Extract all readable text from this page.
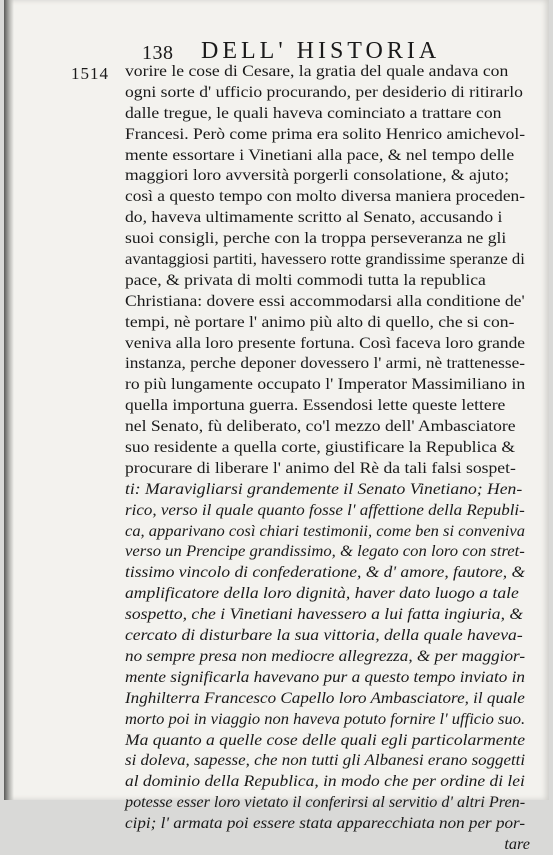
138 DELL' HISTORIA
1514 vorire le cose di Cesare, la gratia del quale andava con
ogni sorte d' ufficio procurando, per desiderio di ritirarlo
dalle tregue, le quali haveva cominciato a trattare con
Francesi. Però come prima era solito Henrico amichevol-
mente essortare i Vinetiani alla pace, & nel tempo delle
maggiori loro avversità porgerli consolatione, & ajuto;
così a questo tempo con molto diversa maniera proceden-
do, haveva ultimamente scritto al Senato, accusando i
suoi consigli, perche con la troppa perseveranza ne gli
avantaggiosi partiti, havessero rotte grandissime speranze di
pace, & privata di molti commodi tutta la republica
Christiana: dovere essi accommodarsi alla conditione de'
tempi, nè portare l' animo più alto di quello, che si con-
veniva alla loro presente fortuna. Così faceva loro grande
instanza, perche deponer dovessero l' armi, nè trattenesse-
ro più lungamente occupato l' Imperator Massimiliano in
quella importuna guerra. Essendosi lette queste lettere
nel Senato, fù deliberato, co'l mezzo dell' Ambasciatore
suo residente a quella corte, giustificare la Republica &
procurare di liberare l' animo del Rè da tali falsi sospet-
ti: Maravigliarsi grandemente il Senato Vinetiano; Hen-
rico, verso il quale quanto fosse l' affettione della Republi-
ca, apparivano così chiari testimonii, come ben si conveniva
verso un Prencipe grandissimo, & legato con loro con stret-
tissimo vincolo di confederatione, & d' amore, fautore, &
amplificatore della loro dignità, haver dato luogo a tale
sospetto, che i Vinetiani havessero a lui fatta ingiuria, &
cercato di disturbare la sua vittoria, della quale haveva-
no sempre presa non mediocre allegrezza, & per maggior-
mente significarla havevano pur a questo tempo inviato in
Inghilterra Francesco Capello loro Ambasciatore, il quale
morto poi in viaggio non haveva potuto fornire l' ufficio suo.
Ma quanto a quelle cose delle quali egli particolarmente
si doleva, sapesse, che non tutti gli Albanesi erano soggetti
al dominio della Republica, in modo che per ordine di lei
potesse esser loro vietato il conferirsi al servitio d' altri Pren-
cipi; l' armata poi essere stata apparecchiata non per por-
tare
